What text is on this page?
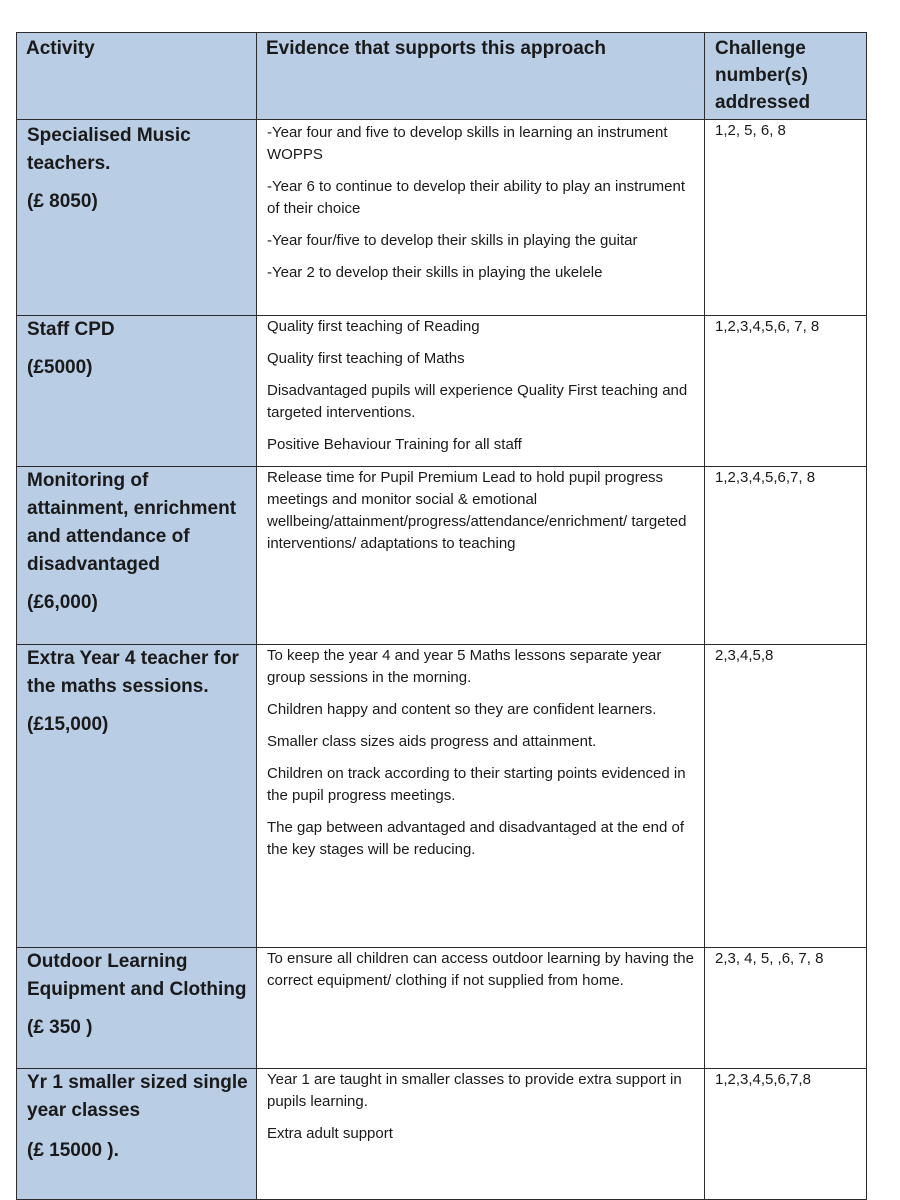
Activity	Evidence that supports this approach	Challenge number(s) addressed

Specialised Music teachers.
(£ 8050)	-Year four and five to develop skills in learning an instrument WOPPS
-Year 6 to continue to develop their ability to play an instrument of their choice
-Year four/five to develop their skills in playing the guitar
-Year 2 to develop their skills in playing the ukelele	1,2, 5, 6, 8

Staff CPD
(£5000)	Quality first teaching of Reading
Quality first teaching of Maths
Disadvantaged pupils will experience Quality First teaching and targeted interventions.
Positive Behaviour Training for all staff	1,2,3,4,5,6, 7, 8

Monitoring of attainment, enrichment and attendance of disadvantaged
(£6,000)	Release time for Pupil Premium Lead to hold pupil progress meetings and monitor social & emotional wellbeing/attainment/progress/attendance/enrichment/ targeted interventions/ adaptations to teaching	1,2,3,4,5,6,7, 8

Extra Year 4 teacher for the maths sessions.
(£15,000)	To keep the year 4 and year 5 Maths lessons separate year group sessions in the morning.
Children happy and content so they are confident learners.
Smaller class sizes aids progress and attainment.
Children on track according to their starting points evidenced in the pupil progress meetings.
The gap between advantaged and disadvantaged at the end of the key stages will be reducing.	2,3,4,5,8

Outdoor Learning Equipment and Clothing
(£ 350 )	To ensure all children can access outdoor learning by having the correct equipment/ clothing if not supplied from home.	2,3, 4, 5, ,6, 7, 8

Yr 1 smaller sized single year classes
(£ 15000 ).	Year 1 are taught in smaller classes to provide extra support in pupils learning.
Extra adult support	1,2,3,4,5,6,7,8
